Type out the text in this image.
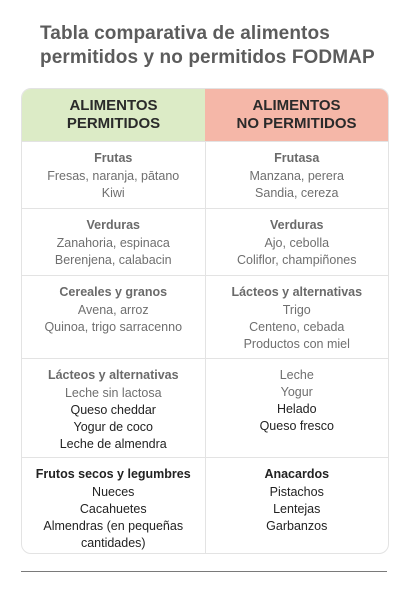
Tabla comparativa de alimentos permitidos y no permitidos FODMAP
ALIMENTOS
PERMITIDOS
ALIMENTOS
NO PERMITIDOS
Frutas
Fresas, naranja, pātano
Kiwi
Frutasa
Manzana, perera
Sandia, cereza
Verduras
Zanahoria, espinaca
Berenjena, calabacin
Verduras
Ajo, cebolla
Coliflor, champiñones
Cereales y granos
Avena, arroz
Quinoa, trigo sarracenno
Lácteos y alternativas
Trigo
Centeno, cebada
Productos con miel
Lácteos y alternativas
Leche sin lactosa
Queso cheddar
Yogur de coco
Leche de almendra
Leche
Yogur
Helado
Queso fresco
Frutos secos y legumbres
Nueces
Cacahuetes
Almendras (en pequeñas
cantidades)
Anacardos
Pistachos
Lentejas
Garbanzos
